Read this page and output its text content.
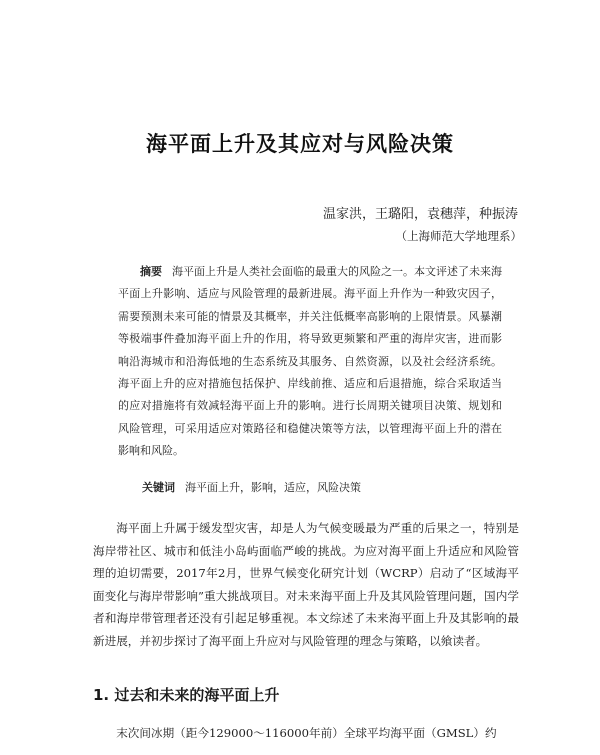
海平面上升及其应对与风险决策
温家洪，王璐阳，袁穗萍，种振涛
（上海师范大学地理系）
摘要 海平面上升是人类社会面临的最重大的风险之一。本文评述了未来海平面上升影响、适应与风险管理的最新进展。海平面上升作为一种致灾因子，需要预测未来可能的情景及其概率，并关注低概率高影响的上限情景。风暴潮等极端事件叠加海平面上升的作用，将导致更频繁和严重的海岸灾害，进而影响沿海城市和沿海低地的生态系统及其服务、自然资源，以及社会经济系统。海平面上升的应对措施包括保护、岸线前推、适应和后退措施，综合采取适当的应对措施将有效减轻海平面上升的影响。进行长周期关键项目决策、规划和风险管理，可采用适应对策路径和稳健决策等方法，以管理海平面上升的潜在影响和风险。
关键词 海平面上升，影响，适应，风险决策
海平面上升属于缓发型灾害，却是人为气候变暖最为严重的后果之一，特别是海岸带社区、城市和低洼小岛屿面临严峻的挑战。为应对海平面上升适应和风险管理的迫切需要，2017年2月，世界气候变化研究计划（WCRP）启动了“区域海平面变化与海岸带影响”重大挑战项目。对未来海平面上升及其风险管理问题，国内学者和海岸带管理者还没有引起足够重视。本文综述了未来海平面上升及其影响的最新进展，并初步探讨了海平面上升应对与风险管理的理念与策略，以飨读者。
1. 过去和未来的海平面上升
末次间冰期（距今129000～116000年前）全球平均海平面（GMSL）约
